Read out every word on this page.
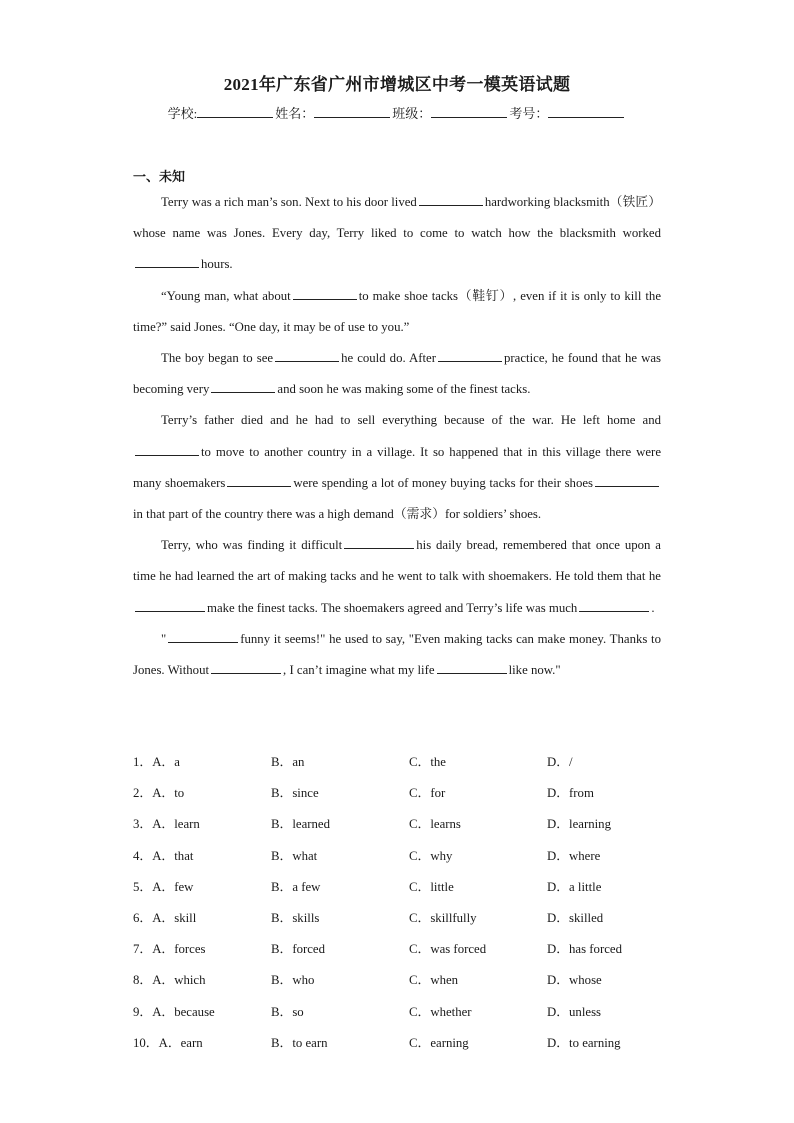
2021年广东省广州市增城区中考一模英语试题
学校:	姓名：	班级：	考号：
一、未知

Terry was a rich man’s son. Next to his door lived	hardworking blacksmith（铁匠）whose name was Jones. Every day, Terry liked to come to watch how the blacksmith workedhours.

“Young man, what about	to make shoe tacks（鞋钉）, even if it is only to kill the time?” said Jones. “One day, it may be of use to you.”

The boy began to see	he could do. After	practice, he found that he was becoming very	and soon he was making some of the finest tacks.

Terry’s father died and he had to sell everything because of the war. He left home andto move to another country in a village. It so happened that in this village there were many shoemakers	were spending a lot of money buying tacks for their shoesin that part of the country there was a high demand（需求）for soldiers’ shoes.

Terry, who was finding it difficult	his daily bread, remembered that once upon a time he had learned the art of making tacks and he went to talk with shoemakers. He told them that hemake the finest tacks. The shoemakers agreed and Terry’s life was much	.

"	funny it seems!" he used to say, "Even making tacks can make money. Thanks to Jones. Without	, I can’t imagine what my life	like now."

1．A．a	B．an	C．the	D．/
2．A．to	B．since	C．for	D．from
3．A．learn	B．learned	C．learns	D．learning
4．A．that	B．what	C．why	D．where
5．A．few	B．a few	C．little	D．a little
6．A．skill	B．skills	C．skillfully	D．skilled
7．A．forces	B．forced	C．was forced	D．has forced
8．A．which	B．who	C．when	D．whose
9．A．because	B．so	C．whether	D．unless
10．A．earn	B．to earn	C．earning	D．to earning
